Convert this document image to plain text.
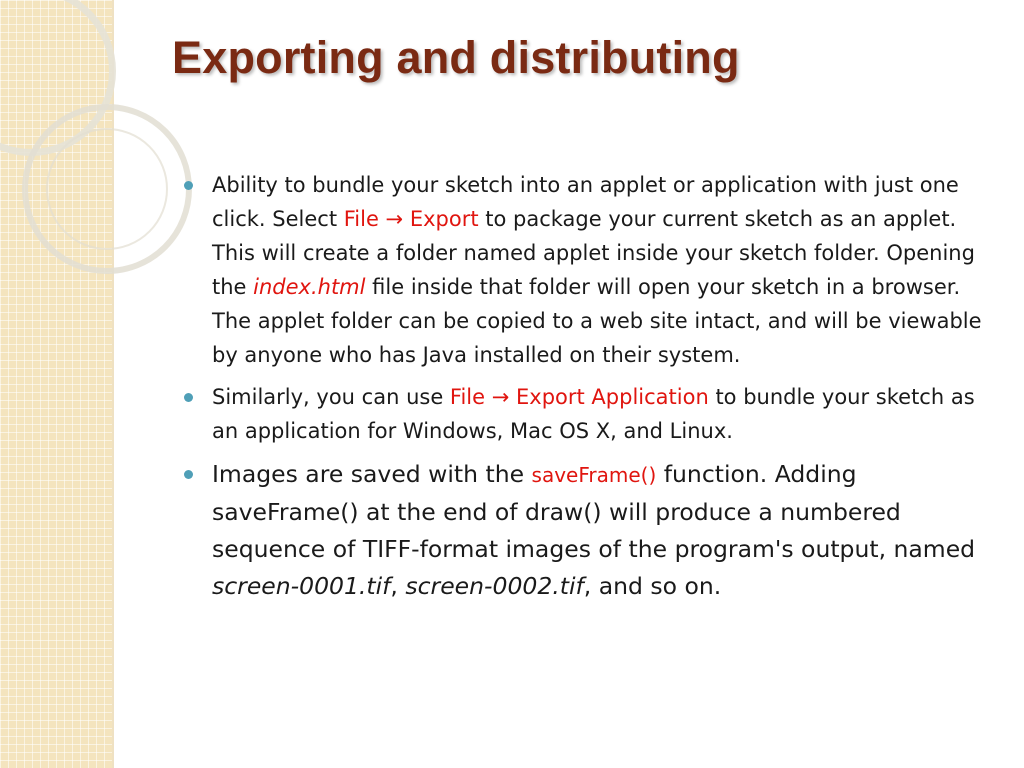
Exporting and distributing
Ability to bundle your sketch into an applet or application with just one click. Select File → Export to package your current sketch as an applet. This will create a folder named applet inside your sketch folder. Opening the index.html file inside that folder will open your sketch in a browser. The applet folder can be copied to a web site intact, and will be viewable by anyone who has Java installed on their system.
Similarly, you can use File → Export Application to bundle your sketch as an application for Windows, Mac OS X, and Linux.
Images are saved with the saveFrame() function. Adding saveFrame() at the end of draw() will produce a numbered sequence of TIFF-format images of the program's output, named screen-0001.tif, screen-0002.tif, and so on.
